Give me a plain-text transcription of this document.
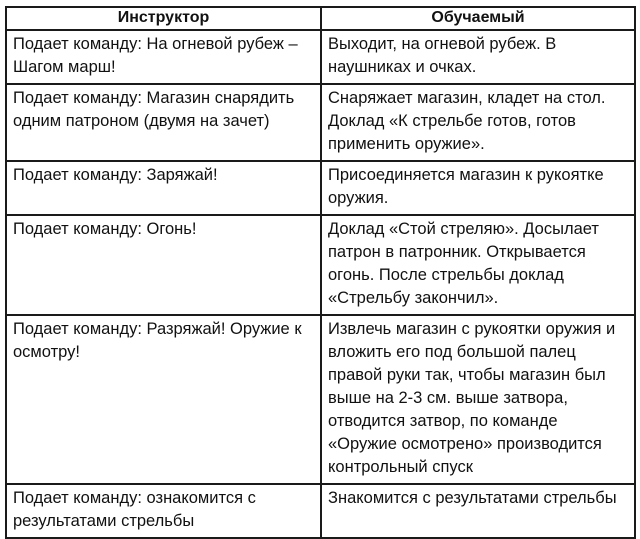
Инструктор	Обучаемый

Подает команду: На огневой рубеж – Шагом марш!	Выходит, на огневой рубеж. В наушниках и очках.

Подает команду: Магазин снарядить одним патроном (двумя на зачет)	Снаряжает магазин, кладет на стол. Доклад «К стрельбе готов, готов применить оружие».

Подает команду: Заряжай!	Присоединяется магазин к рукоятке оружия.

Подает команду: Огонь!	Доклад «Стой стреляю». Досылает патрон в патронник. Открывается огонь. После стрельбы доклад «Стрельбу закончил».

Подает команду: Разряжай! Оружие к осмотру!	Извлечь магазин с рукоятки оружия и вложить его под большой палец правой руки так, чтобы магазин был выше на 2-3 см. выше затвора, отводится затвор, по команде «Оружие осмотрено» производится контрольный спуск

Подает команду: ознакомится с результатами стрельбы	Знакомится с результатами стрельбы
